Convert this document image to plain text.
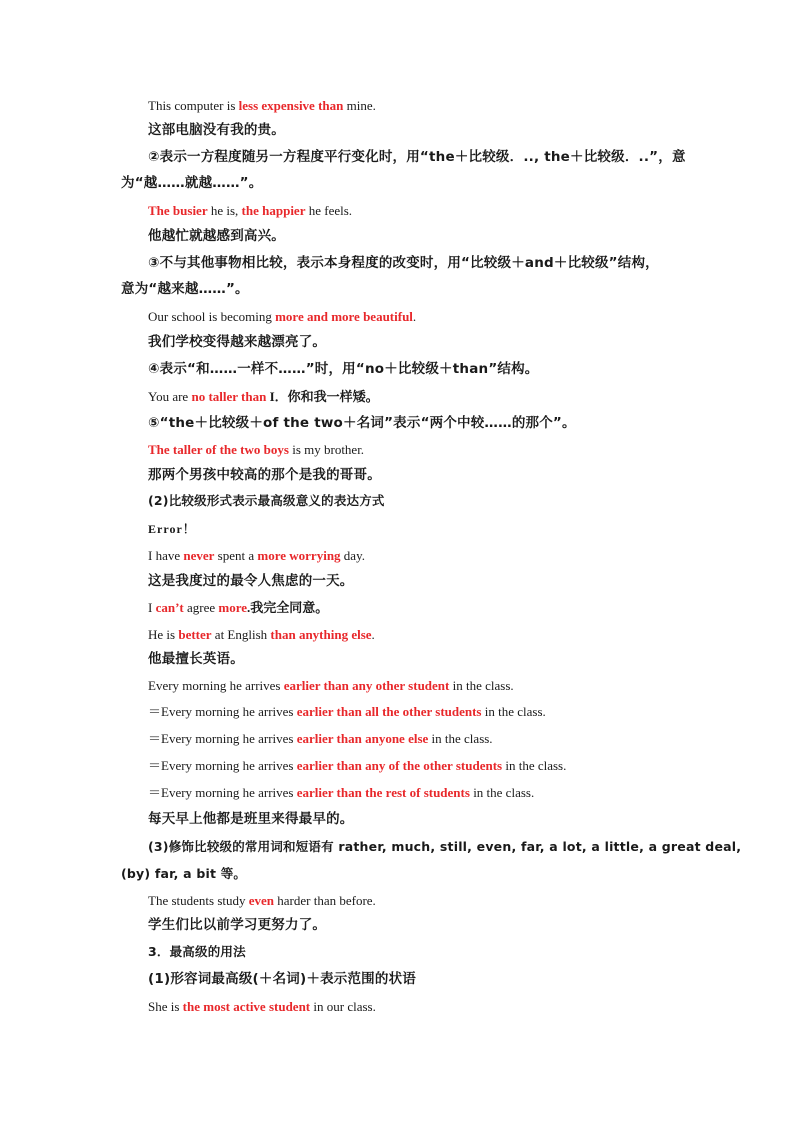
This computer is less expensive than mine.
这部电脑没有我的贵。
②表示一方程度随另一方程度平行变化时，用“the＋比较级．.., the＋比较级．..”，意
为“越……就越……”。
The busier he is, the happier he feels.
他越忙就越感到高兴。
③不与其他事物相比较，表示本身程度的改变时，用“比较级＋and＋比较级”结构，
意为“越来越……”。
Our school is becoming more and more beautiful.
我们学校变得越来越漂亮了。
④表示“和……一样不……”时，用“no＋比较级＋than”结构。
You are no taller than I．你和我一样矮。
⑤“the＋比较级＋of the two＋名词”表示“两个中较……的那个”。
The taller of the two boys is my brother.
那两个男孩中较高的那个是我的哥哥。
(2)比较级形式表示最高级意义的表达方式
Error！
I have never spent a more worrying day.
这是我度过的最令人焦虑的一天。
I can’t agree more.我完全同意。
He is better at English than anything else.
他最擅长英语。
Every morning he arrives earlier than any other student in the class.
＝Every morning he arrives earlier than all the other students in the class.
＝Every morning he arrives earlier than anyone else in the class.
＝Every morning he arrives earlier than any of the other students in the class.
＝Every morning he arrives earlier than the rest of students in the class.
每天早上他都是班里来得最早的。
(3)修饰比较级的常用词和短语有 rather, much, still, even, far, a lot, a little, a great deal,
(by) far, a bit 等。
The students study even harder than before.
学生们比以前学习更努力了。
3．最高级的用法
(1)形容词最高级(＋名词)＋表示范围的状语
She is the most active student in our class.
